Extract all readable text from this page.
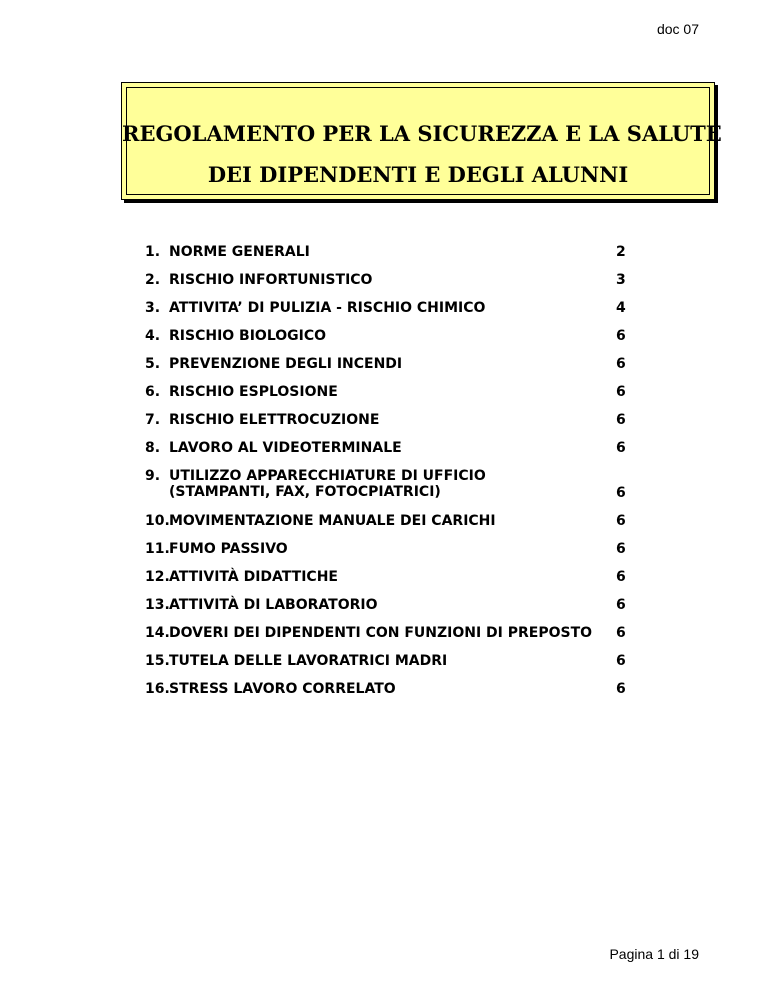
doc 07
REGOLAMENTO PER LA SICUREZZA E LA SALUTE
DEI DIPENDENTI E DEGLI ALUNNI
1. NORME GENERALI	2
2. RISCHIO INFORTUNISTICO	3
3. ATTIVITA’ DI PULIZIA - RISCHIO CHIMICO	4
4. RISCHIO BIOLOGICO	6
5. PREVENZIONE DEGLI INCENDI	6
6. RISCHIO ESPLOSIONE	6
7. RISCHIO ELETTROCUZIONE	6
8. LAVORO AL VIDEOTERMINALE	6
9. UTILIZZO APPARECCHIATURE DI UFFICIO
(STAMPANTI, FAX, FOTOCPIATRICI)	6
10. MOVIMENTAZIONE MANUALE DEI CARICHI	6
11. FUMO PASSIVO	6
12. ATTIVITÀ DIDATTICHE	6
13. ATTIVITÀ DI LABORATORIO	6
14. DOVERI DEI DIPENDENTI CON FUNZIONI DI PREPOSTO 6
15. TUTELA DELLE LAVORATRICI MADRI	6
16. STRESS LAVORO CORRELATO	6
Pagina 1 di 19
